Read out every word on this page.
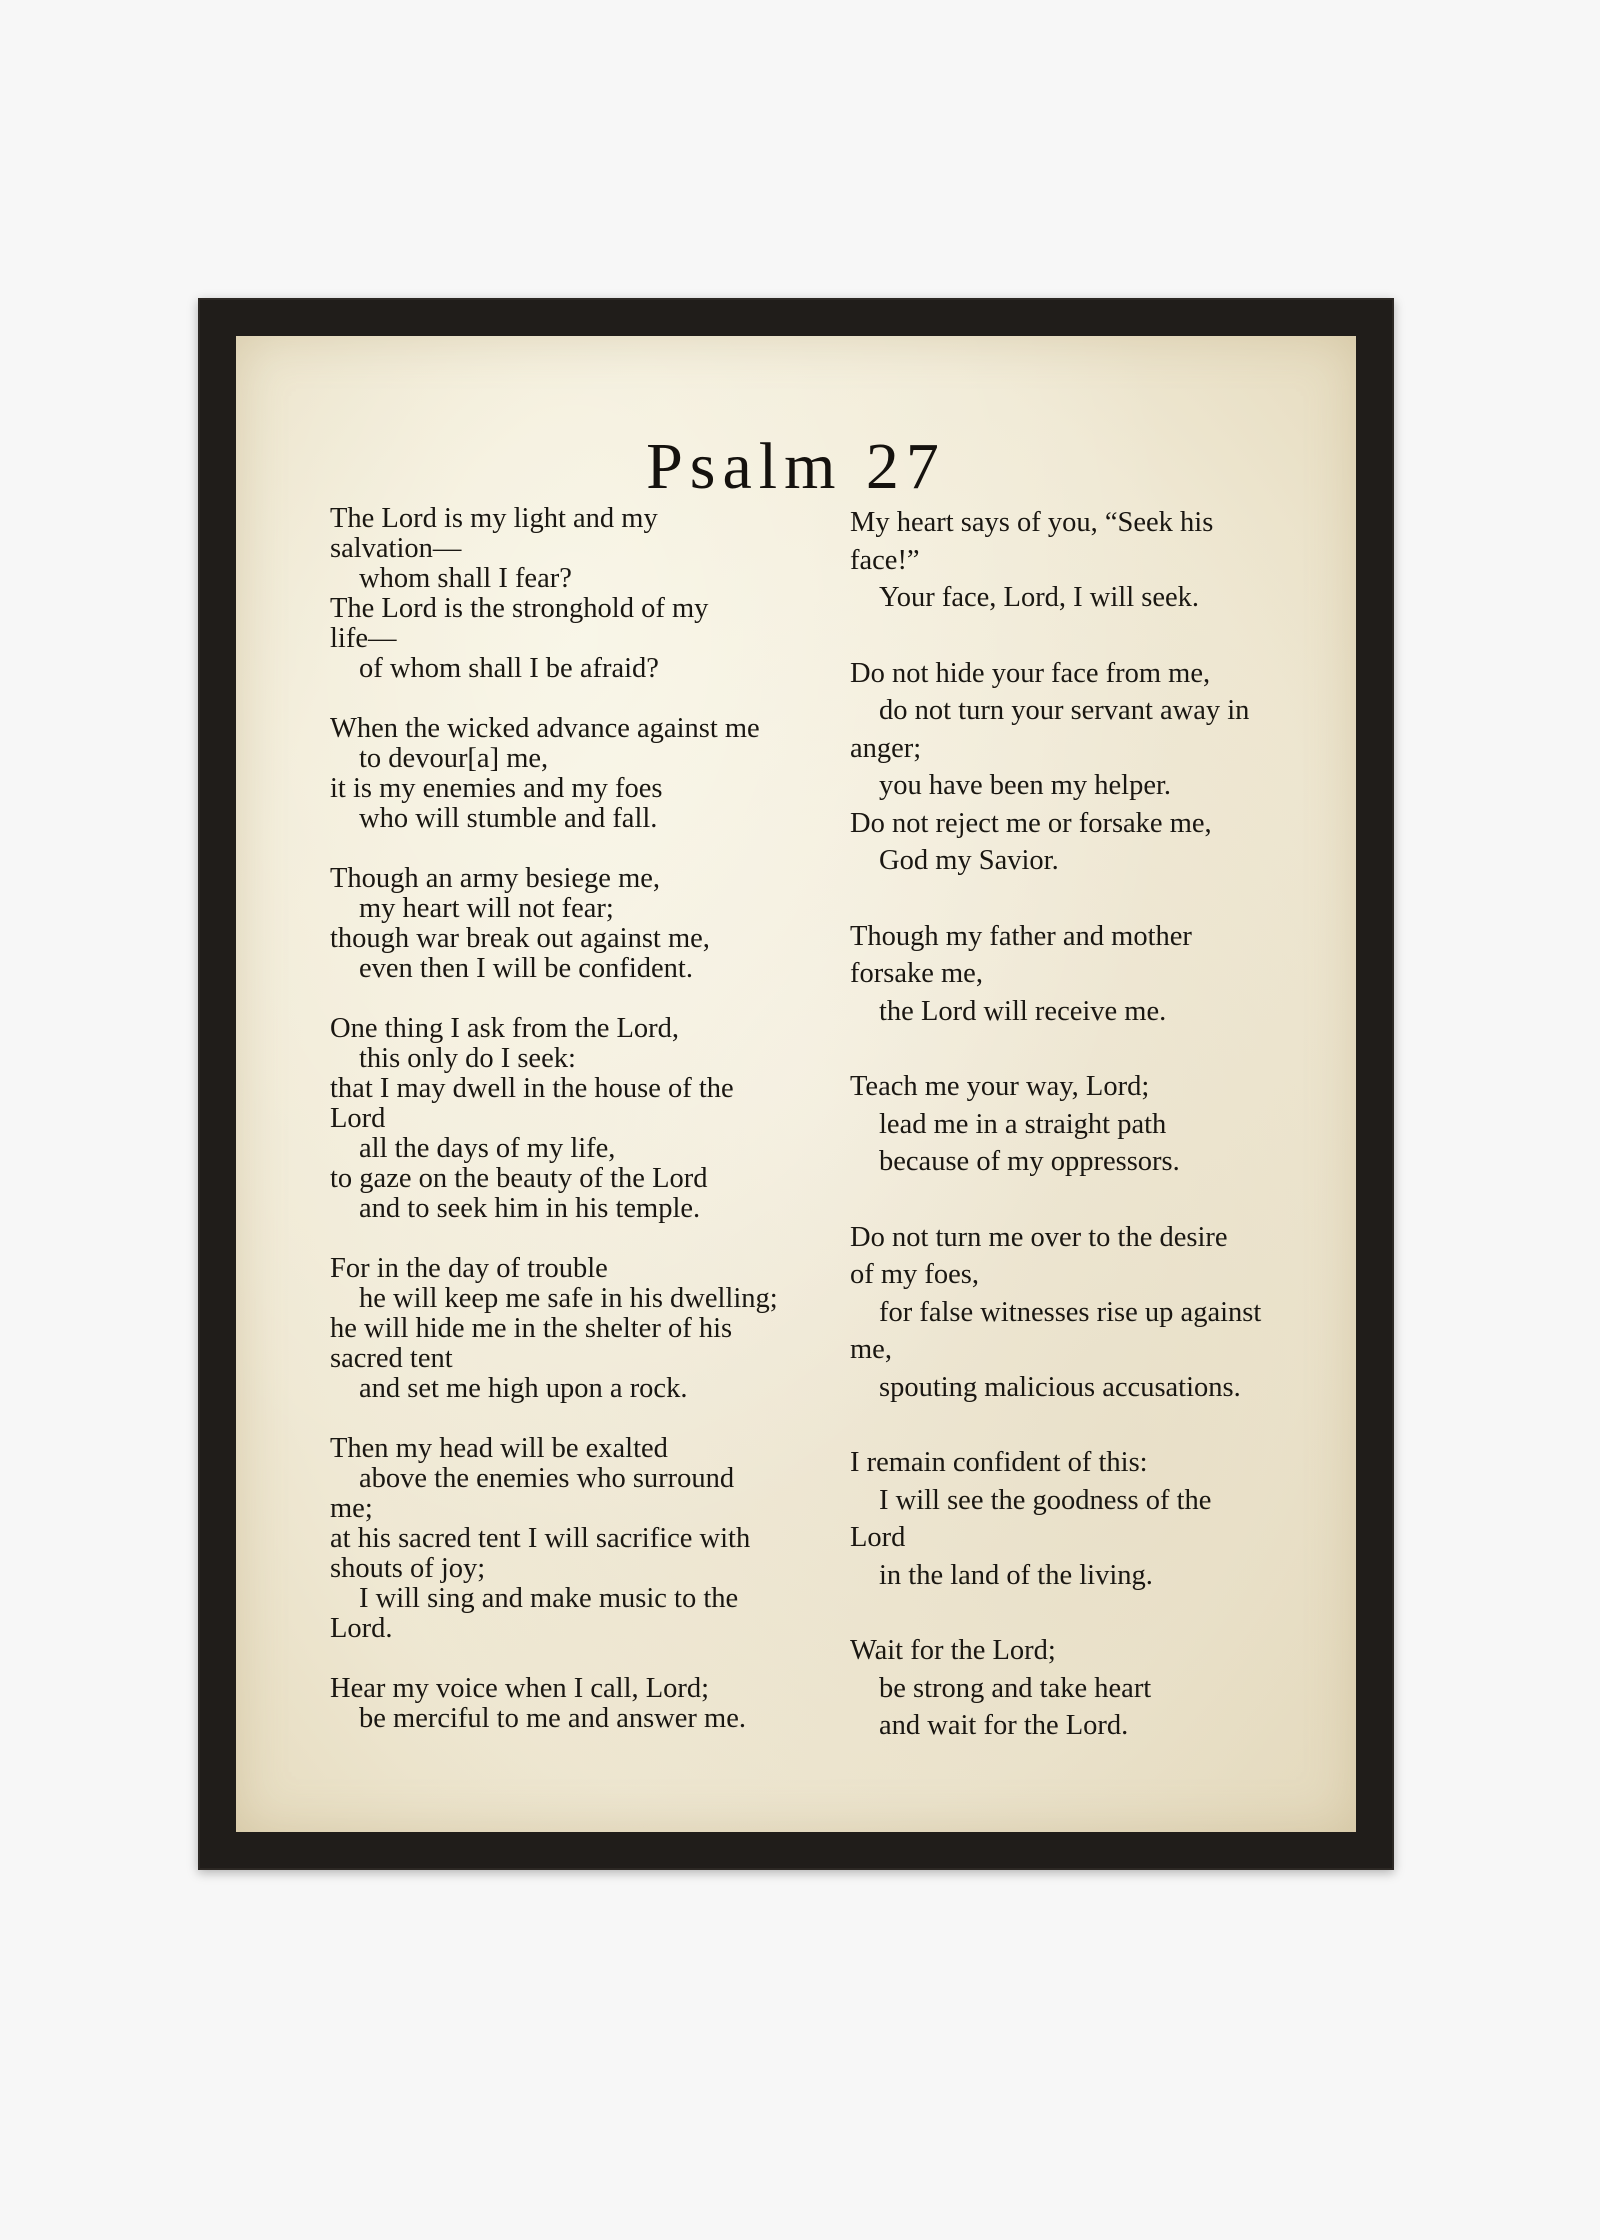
Psalm 27
The Lord is my light and my
salvation—
whom shall I fear?
The Lord is the stronghold of my
life—
of whom shall I be afraid?
When the wicked advance against me
to devour[a] me,
it is my enemies and my foes
who will stumble and fall.
Though an army besiege me,
my heart will not fear;
though war break out against me,
even then I will be confident.
One thing I ask from the Lord,
this only do I seek:
that I may dwell in the house of the
Lord
all the days of my life,
to gaze on the beauty of the Lord
and to seek him in his temple.
For in the day of trouble
he will keep me safe in his dwelling;
he will hide me in the shelter of his
sacred tent
and set me high upon a rock.
Then my head will be exalted
above the enemies who surround
me;
at his sacred tent I will sacrifice with
shouts of joy;
I will sing and make music to the
Lord.
Hear my voice when I call, Lord;
be merciful to me and answer me.
My heart says of you, “Seek his
face!”
Your face, Lord, I will seek.
Do not hide your face from me,
do not turn your servant away in
anger;
you have been my helper.
Do not reject me or forsake me,
God my Savior.
Though my father and mother
forsake me,
the Lord will receive me.
Teach me your way, Lord;
lead me in a straight path
because of my oppressors.
Do not turn me over to the desire
of my foes,
for false witnesses rise up against
me,
spouting malicious accusations.
I remain confident of this:
I will see the goodness of the
Lord
in the land of the living.
Wait for the Lord;
be strong and take heart
and wait for the Lord.
